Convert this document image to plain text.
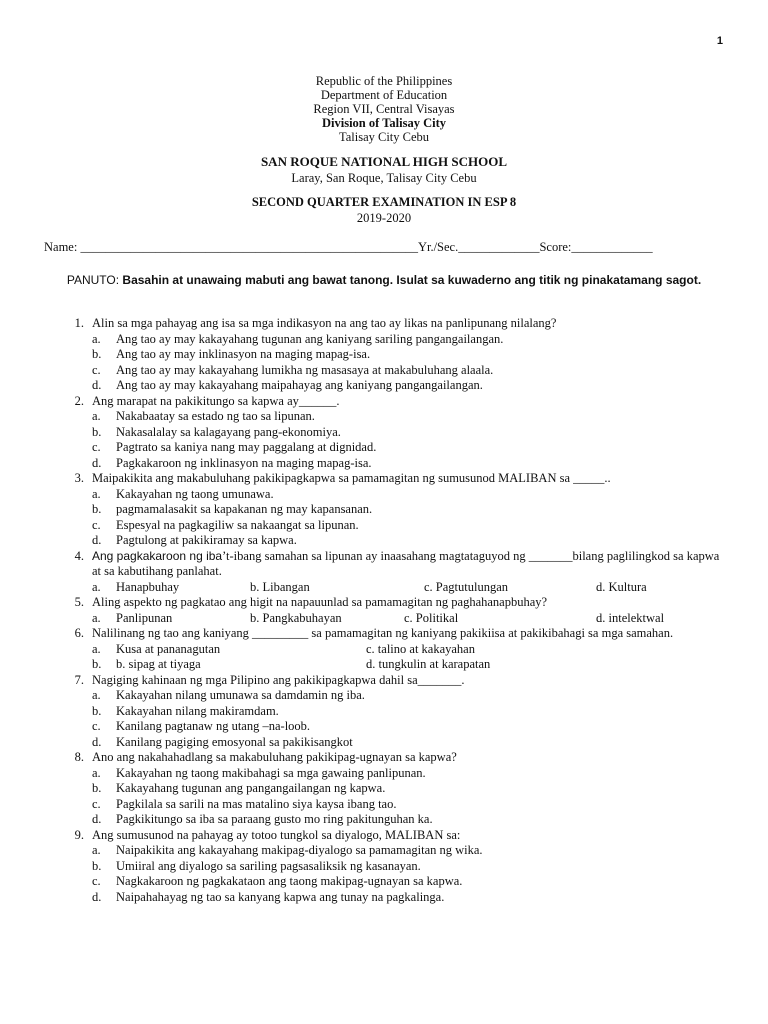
1
Republic of the Philippines
Department of Education
Region VII, Central Visayas
Division of Talisay City
Talisay City Cebu
SAN ROQUE NATIONAL HIGH SCHOOL
Laray, San Roque, Talisay City Cebu
SECOND QUARTER EXAMINATION IN ESP 8
2019-2020
Name: ______________________________________________________Yr./Sec._____________Score:_____________
PANUTO: Basahin at unawaing mabuti ang bawat tanong. Isulat sa kuwaderno ang titik ng pinakatamang sagot.
1. Alin sa mga pahayag ang isa sa mga indikasyon na ang tao ay likas na panlipunang nilalang?
a.	Ang tao ay may kakayahang tugunan ang kaniyang sariling pangangailangan.
b.	Ang tao ay may inklinasyon na maging mapag-isa.
c.	Ang tao ay may kakayahang lumikha ng masasaya at makabuluhang alaala.
d.	Ang tao ay may kakayahang maipahayag ang kaniyang pangangailangan.
2. Ang marapat na pakikitungo sa kapwa ay______.
a.	Nakabaatay sa estado ng tao sa lipunan.
b.	Nakasalalay sa kalagayang pang-ekonomiya.
c.	Pagtrato sa kaniya nang may paggalang at dignidad.
d.	Pagkakaroon ng inklinasyon na maging mapag-isa.
3. Maipakikita ang makabuluhang pakikipagkapwa sa pamamagitan ng sumusunod MALIBAN sa _____..
a.	Kakayahan ng taong umunawa.
b.	pagmamalasakit sa kapakanan ng may kapansanan.
c.	Espesyal na pagkagiliw sa nakaangat sa lipunan.
d.	Pagtulong at pakikiramay sa kapwa.
4. Ang pagkakaroon ng iba’t-ibang samahan sa lipunan ay inaasahang magtataguyod ng _______bilang paglilingkod sa kapwa at sa kabutihang panlahat.
a.	Hanapbuhay	b. Libangan	c. Pagtutulungan	d. Kultura
5. Aling aspekto ng pagkatao ang higit na napauunlad sa pamamagitan ng paghahanapbuhay?
a.	Panlipunan	b. Pangkabuhayan	c. Politikal	d. intelektwal
6. Nalilinang ng tao ang kaniyang _________ sa pamamagitan ng kaniyang pakikiisa at pakikibahagi sa mga samahan.
a.	Kusa at pananagutan	c. talino at kakayahan
b.	b. sipag at tiyaga	d. tungkulin at karapatan
7. Nagiging kahinaan ng mga Pilipino ang pakikipagkapwa dahil sa_______.
a.	Kakayahan nilang umunawa sa damdamin ng iba.
b.	Kakayahan nilang makiramdam.
c.	Kanilang pagtanaw ng utang –na-loob.
d.	Kanilang pagiging emosyonal sa pakikisangkot
8. Ano ang nakahahadlang sa makabuluhang pakikipag-ugnayan sa kapwa?
a.	Kakayahan ng taong makibahagi sa mga gawaing panlipunan.
b.	Kakayahang tugunan ang pangangailangan ng kapwa.
c.	Pagkilala sa sarili na mas matalino siya kaysa ibang tao.
d.	Pagkikitungo sa iba sa paraang gusto mo ring pakitunguhan ka.
9. Ang sumusunod na pahayag ay totoo tungkol sa diyalogo, MALIBAN sa:
a.	Naipakikita ang kakayahang makipag-diyalogo sa pamamagitan ng wika.
b.	Umiiral ang diyalogo sa sariling pagsasaliksik ng kasanayan.
c.	Nagkakaroon ng pagkakataon ang taong makipag-ugnayan sa kapwa.
d.	Naipahahayag ng tao sa kanyang kapwa ang tunay na pagkalinga.
